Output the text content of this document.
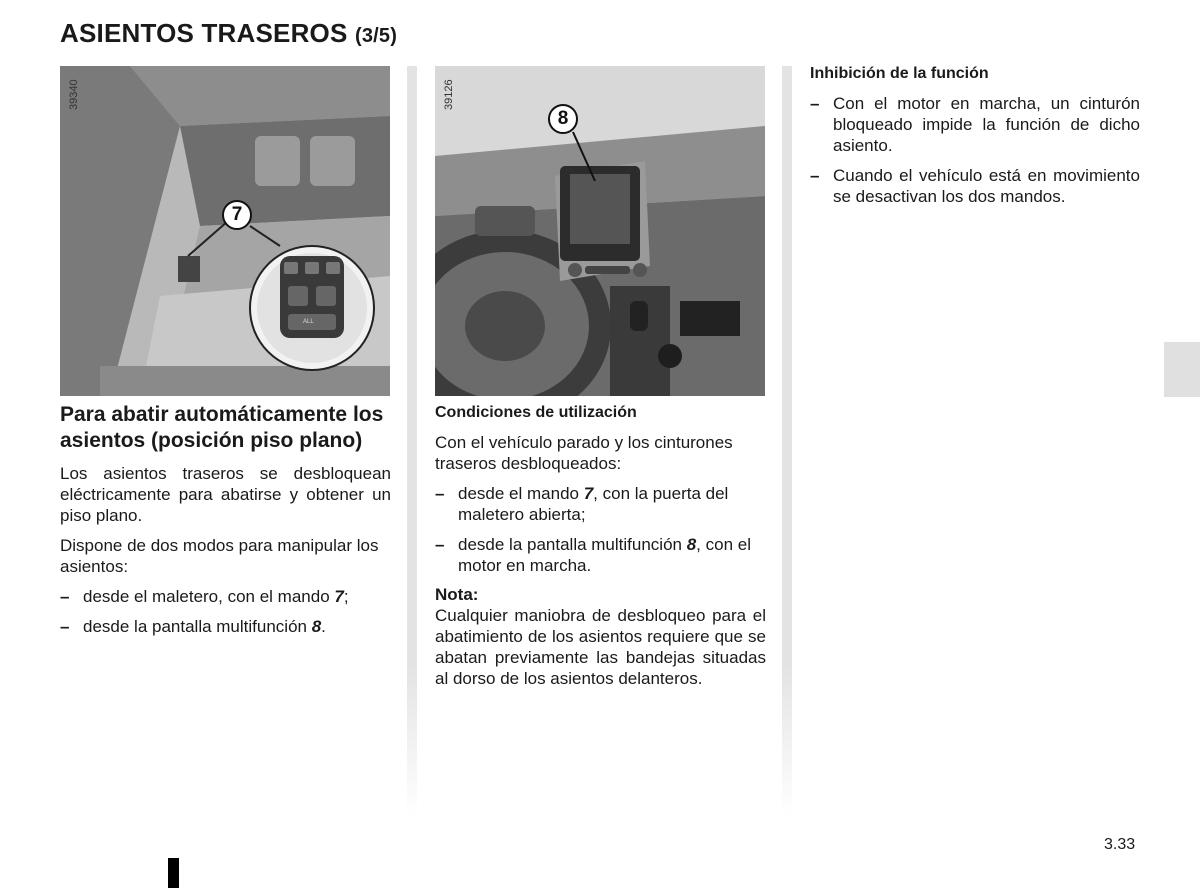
ASIENTOS TRASEROS (3/5)
39340
ALL
7
39126
8
Para abatir automáticamente los asientos (posición piso plano)

Los asientos traseros se desbloquean eléctricamente para abatirse y obtener un piso plano.

Dispone de dos modos para manipular los asientos:

– desde el maletero, con el mando 7;
– desde la pantalla multifunción 8.
Condiciones de utilización

Con el vehículo parado y los cinturones traseros desbloqueados:

– desde el mando 7, con la puerta del maletero abierta;
– desde la pantalla multifunción 8, con el motor en marcha.
Nota:

Cualquier maniobra de desbloqueo para el abatimiento de los asientos requiere que se abatan previamente las bandejas situadas al dorso de los asientos delanteros.

Inhibición de la función
– Con el motor en marcha, un cinturón bloqueado impide la función de dicho asiento.
– Cuando el vehículo está en movimiento se desactivan los dos mandos.
3.33
